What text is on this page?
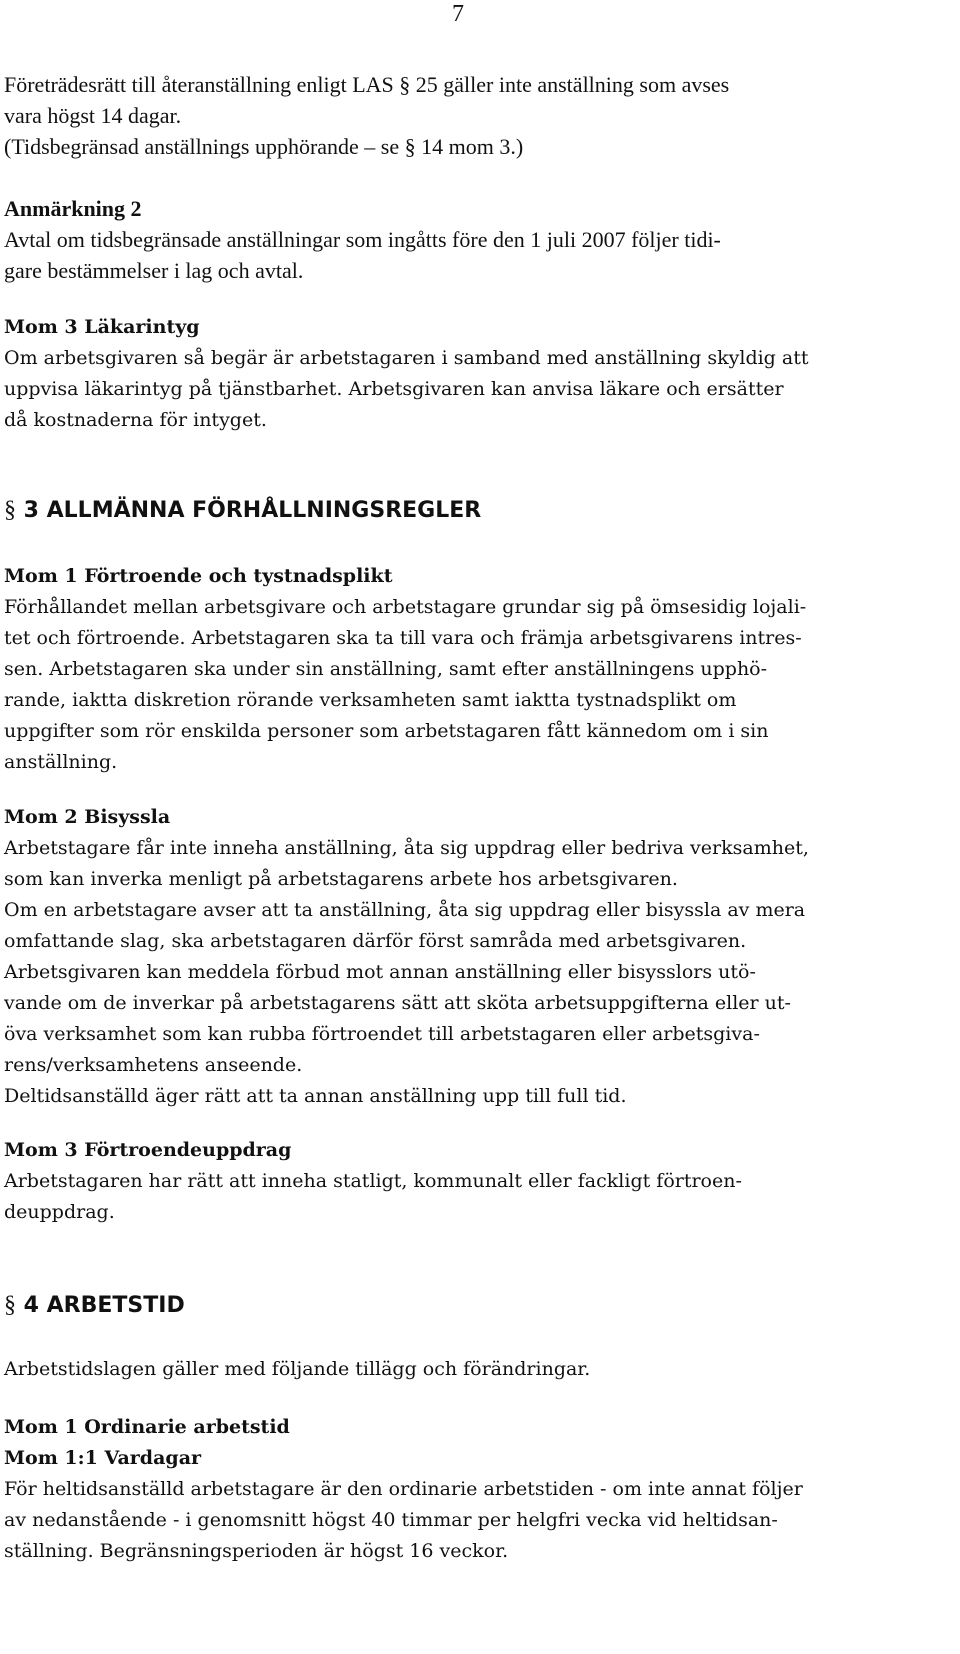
7

Företrädesrätt till återanställning enligt LAS § 25 gäller inte anställning som avses

vara högst 14 dagar.

(Tidsbegränsad anställnings upphörande – se § 14 mom 3.)

Anmärkning 2

Avtal om tidsbegränsade anställningar som ingåtts före den 1 juli 2007 följer tidi-

gare bestämmelser i lag och avtal.

Mom 3 Läkarintyg

Om arbetsgivaren så begär är arbetstagaren i samband med anställning skyldig att

uppvisa läkarintyg på tjänstbarhet. Arbetsgivaren kan anvisa läkare och ersätter

då kostnaderna för intyget.

§ 3 ALLMÄNNA FÖRHÅLLNINGSREGLER

Mom 1 Förtroende och tystnadsplikt

Förhållandet mellan arbetsgivare och arbetstagare grundar sig på ömsesidig lojali-

tet och förtroende. Arbetstagaren ska ta till vara och främja arbetsgivarens intres-

sen. Arbetstagaren ska under sin anställning, samt efter anställningens upphö-

rande, iaktta diskretion rörande verksamheten samt iaktta tystnadsplikt om

uppgifter som rör enskilda personer som arbetstagaren fått kännedom om i sin

anställning.

Mom 2 Bisyssla

Arbetstagare får inte inneha anställning, åta sig uppdrag eller bedriva verksamhet,

som kan inverka menligt på arbetstagarens arbete hos arbetsgivaren.

Om en arbetstagare avser att ta anställning, åta sig uppdrag eller bisyssla av mera

omfattande slag, ska arbetstagaren därför först samråda med arbetsgivaren.

Arbetsgivaren kan meddela förbud mot annan anställning eller bisysslors utö-

vande om de inverkar på arbetstagarens sätt att sköta arbetsuppgifterna eller ut-

öva verksamhet som kan rubba förtroendet till arbetstagaren eller arbetsgiva-

rens/verksamhetens anseende.

Deltidsanställd äger rätt att ta annan anställning upp till full tid.

Mom 3 Förtroendeuppdrag

Arbetstagaren har rätt att inneha statligt, kommunalt eller fackligt förtroen-

deuppdrag.

§ 4 ARBETSTID

Arbetstidslagen gäller med följande tillägg och förändringar.

Mom 1 Ordinarie arbetstid

Mom 1:1 Vardagar

För heltidsanställd arbetstagare är den ordinarie arbetstiden - om inte annat följer

av nedanstående - i genomsnitt högst 40 timmar per helgfri vecka vid heltidsan-

ställning. Begränsningsperioden är högst 16 veckor.
